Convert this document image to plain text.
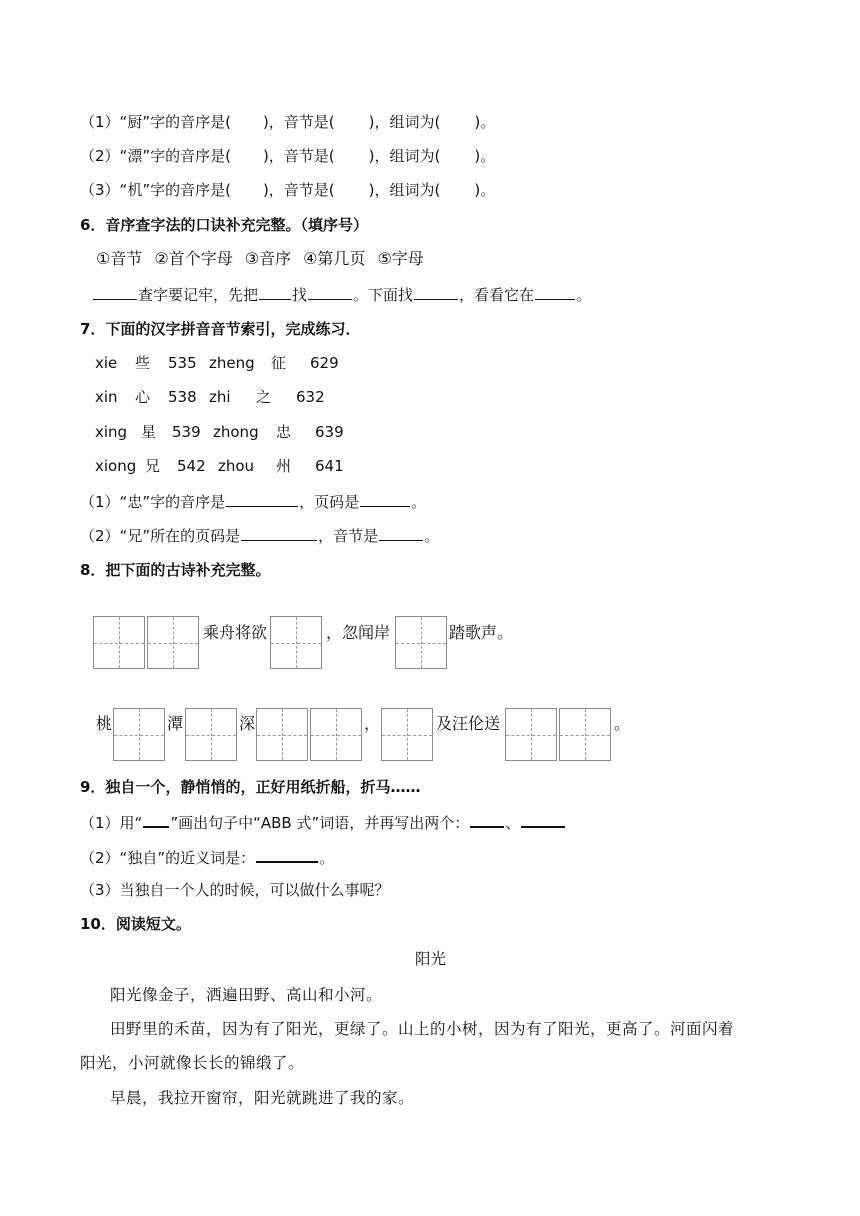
（1）“厨”字的音序是( )，音节是( )，组词为( )。
（2）“漂”字的音序是( )，音节是( )，组词为( )。
（3）“机”字的音序是( )，音节是( )，组词为( )。
6．音序查字法的口诀补充完整。（填序号）
①音节 ②首个字母 ③音序 ④第几页 ⑤字母
查字要记牢，先把 找	。下面找	，看看它在	。
7．下面的汉字拼音音节索引，完成练习．
xie 些 535 zheng 征 629
xin 心 538 zhi 之 632
xing 星 539 zhong 忠 639
xiong 兄 542 zhou 州 641
（1）“忠”字的音序是	，页码是	。
（2）“兄”所在的页码是	，音节是	。
8．把下面的古诗补充完整。
乘舟将欲	，忽闻岸	踏歌声。
桃	潭	深	，	及汪伦送	。
9．独自一个，静悄悄的，正好用纸折船，折马……
（1）用“ ”画出句子中“ABB 式”词语，并再写出两个： 、
（2）“独自”的近义词是：	。
（3）当独自一个人的时候，可以做什么事呢？
10．阅读短文。
阳光
阳光像金子，洒遍田野、高山和小河。
田野里的禾苗，因为有了阳光，更绿了。山上的小树，因为有了阳光，更高了。河面闪着
阳光，小河就像长长的锦缎了。
早晨，我拉开窗帘，阳光就跳进了我的家。
